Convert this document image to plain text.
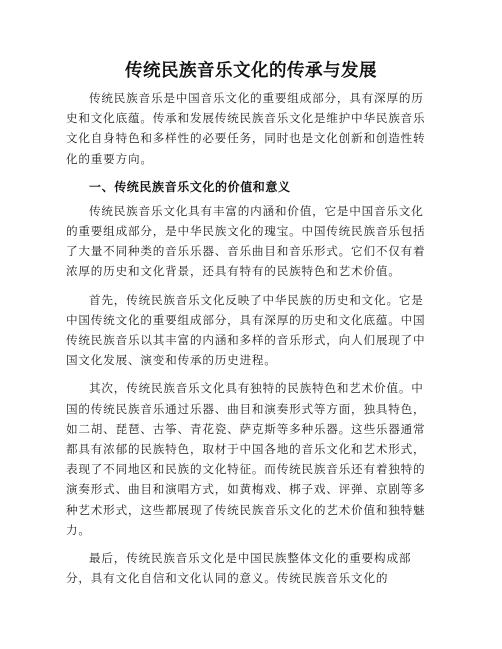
传统民族音乐文化的传承与发展

传统民族音乐是中国音乐文化的重要组成部分，具有深厚的历史和文化底蕴。传承和发展传统民族音乐文化是维护中华民族音乐文化自身特色和多样性的必要任务，同时也是文化创新和创造性转化的重要方向。

一、传统民族音乐文化的价值和意义

传统民族音乐文化具有丰富的内涵和价值，它是中国音乐文化的重要组成部分，是中华民族文化的瑰宝。中国传统民族音乐包括了大量不同种类的音乐乐器、音乐曲目和音乐形式。它们不仅有着浓厚的历史和文化背景，还具有特有的民族特色和艺术价值。

首先，传统民族音乐文化反映了中华民族的历史和文化。它是中国传统文化的重要组成部分，具有深厚的历史和文化底蕴。中国传统民族音乐以其丰富的内涵和多样的音乐形式，向人们展现了中国文化发展、演变和传承的历史进程。

其次，传统民族音乐文化具有独特的民族特色和艺术价值。中国的传统民族音乐通过乐器、曲目和演奏形式等方面，独具特色，如二胡、琵琶、古筝、青花瓷、萨克斯等多种乐器。这些乐器通常都具有浓郁的民族特色，取材于中国各地的音乐文化和艺术形式，表现了不同地区和民族的文化特征。而传统民族音乐还有着独特的演奏形式、曲目和演唱方式，如黄梅戏、梆子戏、评弹、京剧等多种艺术形式，这些都展现了传统民族音乐文化的艺术价值和独特魅力。

最后，传统民族音乐文化是中国民族整体文化的重要构成部分，具有文化自信和文化认同的意义。传统民族音乐文化的
